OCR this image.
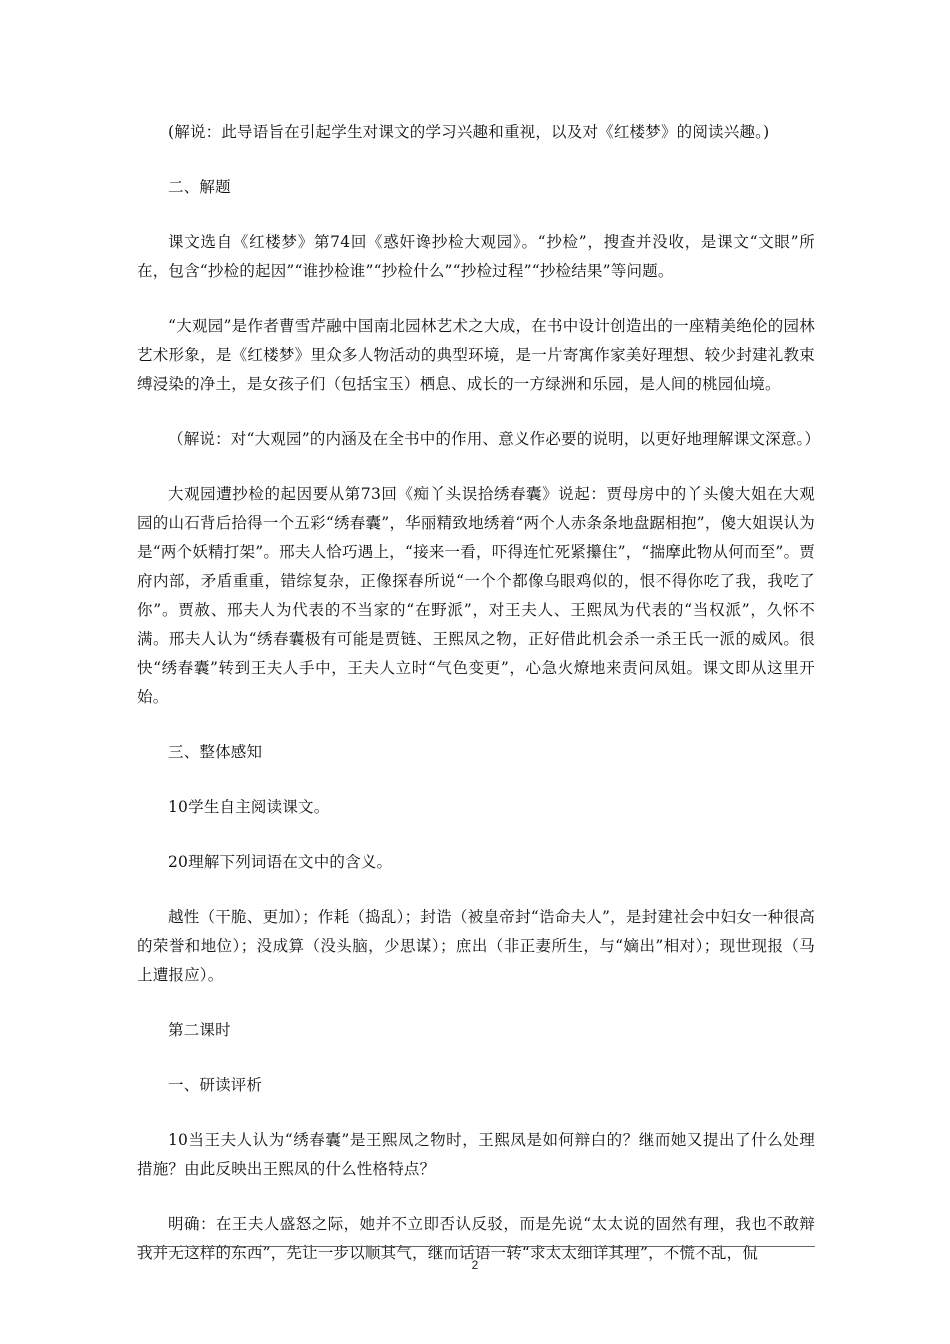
(解说：此导语旨在引起学生对课文的学习兴趣和重视，以及对《红楼梦》的阅读兴趣。)

二、解题

课文选自《红楼梦》第74回《惑奸谗抄检大观园》。“抄检”，搜查并没收，是课文“文眼”所在，包含“抄检的起因”“谁抄检谁”“抄检什么”“抄检过程”“抄检结果”等问题。

“大观园”是作者曹雪芹融中国南北园林艺术之大成，在书中设计创造出的一座精美绝伦的园林艺术形象，是《红楼梦》里众多人物活动的典型环境，是一片寄寓作家美好理想、较少封建礼教束缚浸染的净土，是女孩子们（包括宝玉）栖息、成长的一方绿洲和乐园，是人间的桃园仙境。

（解说：对“大观园”的内涵及在全书中的作用、意义作必要的说明，以更好地理解课文深意。）

大观园遭抄检的起因要从第73回《痴丫头误拾绣春囊》说起：贾母房中的丫头傻大姐在大观园的山石背后拾得一个五彩“绣春囊”，华丽精致地绣着“两个人赤条条地盘踞相抱”，傻大姐误认为是“两个妖精打架”。邢夫人恰巧遇上，“接来一看，吓得连忙死紧攥住”，“揣摩此物从何而至”。贾府内部，矛盾重重，错综复杂，正像探春所说“一个个都像乌眼鸡似的，恨不得你吃了我，我吃了你”。贾赦、邢夫人为代表的不当家的“在野派”，对王夫人、王熙凤为代表的“当权派”，久怀不满。邢夫人认为“绣春囊极有可能是贾链、王熙凤之物，正好借此机会杀一杀王氏一派的威风。很快“绣春囊”转到王夫人手中，王夫人立时“气色变更”，心急火燎地来责问凤姐。课文即从这里开始。

三、整体感知

10学生自主阅读课文。

20理解下列词语在文中的含义。

越性（干脆、更加）；作耗（捣乱）；封诰（被皇帝封“诰命夫人”，是封建社会中妇女一种很高的荣誉和地位）；没成算（没头脑，少思谋）；庶出（非正妻所生，与“嫡出”相对）；现世现报（马上遭报应）。

第二课时

一、研读评析

10当王夫人认为“绣春囊”是王熙凤之物时，王熙凤是如何辩白的？继而她又提出了什么处理措施？由此反映出王熙凤的什么性格特点？

明确：在王夫人盛怒之际，她并不立即否认反驳，而是先说“太太说的固然有理，我也不敢辩我并无这样的东西”，先让一步以顺其气，继而话语一转“求太太细详其理”，不慌不乱，侃

2
